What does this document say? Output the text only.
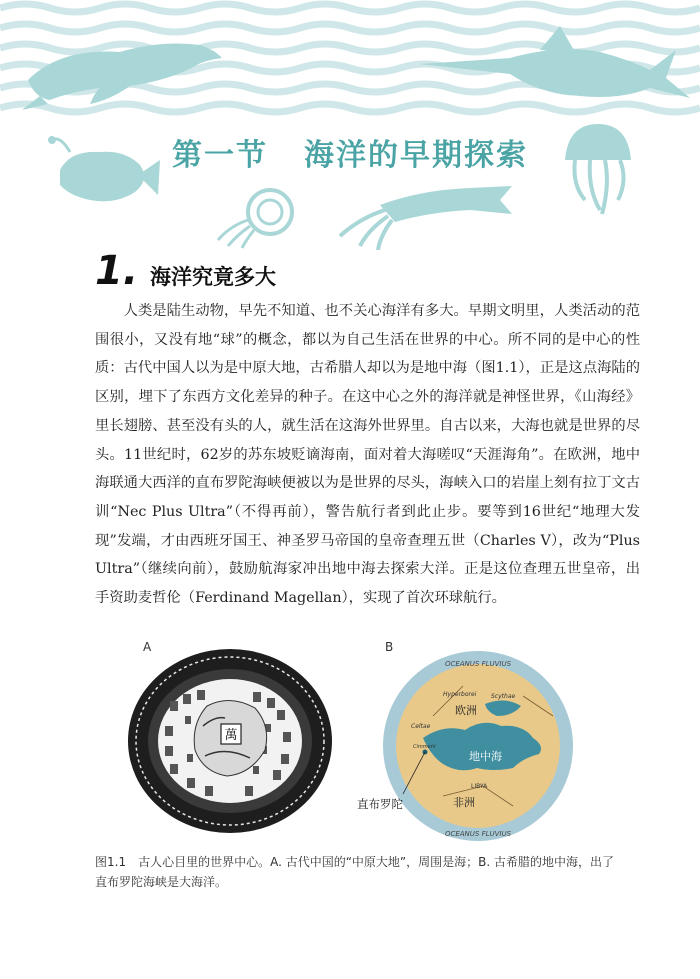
第一节 海洋的早期探索
1. 海洋究竟多大

人类是陆生动物，早先不知道、也不关心海洋有多大。早期文明里，人类活动的范围很小，又没有地“球”的概念，都以为自己生活在世界的中心。所不同的是中心的性质：古代中国人以为是中原大地，古希腊人却以为是地中海（图1.1），正是这点海陆的区别，埋下了东西方文化差异的种子。在这中心之外的海洋就是神怪世界，《山海经》里长翅膀、甚至没有头的人，就生活在这海外世界里。自古以来，大海也就是世界的尽头。11世纪时，62岁的苏东坡贬谪海南，面对着大海嗟叹“天涯海角”。在欧洲，地中海联通大西洋的直布罗陀海峡便被以为是世界的尽头，海峡入口的岩崖上刻有拉丁文古训“Nec Plus Ultra”（不得再前），警告航行者到此止步。要等到16世纪“地理大发现”发端，才由西班牙国王、神圣罗马帝国的皇帝查理五世（Charles Ⅴ），改为“Plus Ultra”（继续向前），鼓励航海家冲出地中海去探索大洋。正是这位查理五世皇帝，出手资助麦哲伦（Ferdinand Magellan），实现了首次环球航行。

A	B
萬
OCEANUS FLUVIUS
OCEANUS FLUVIUS
Hyperborei Scythae
Celtae
Cimmerii
LIBYA
欧洲
地中海
非洲
直布罗陀
图1.1　古人心目里的世界中心。A. 古代中国的“中原大地”，周围是海；B. 古希腊的地中海，出了
直布罗陀海峡是大海洋。
